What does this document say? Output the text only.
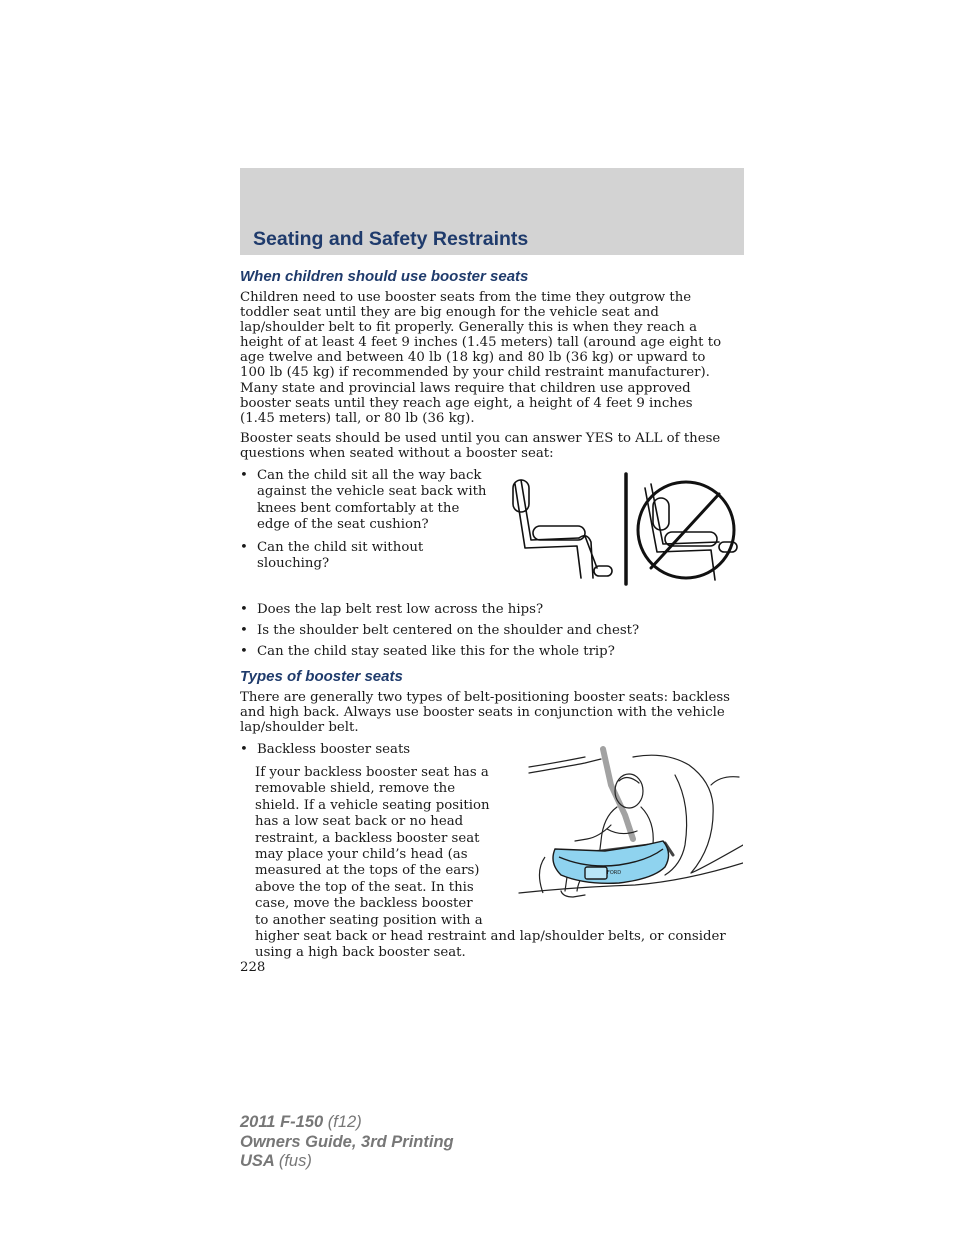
Seating and Safety Restraints
When children should use booster seats
Children need to use booster seats from the time they outgrow the
toddler seat until they are big enough for the vehicle seat and
lap/shoulder belt to fit properly. Generally this is when they reach a
height of at least 4 feet 9 inches (1.45 meters) tall (around age eight to
age twelve and between 40 lb (18 kg) and 80 lb (36 kg) or upward to
100 lb (45 kg) if recommended by your child restraint manufacturer).
Many state and provincial laws require that children use approved
booster seats until they reach age eight, a height of 4 feet 9 inches
(1.45 meters) tall, or 80 lb (36 kg).
Booster seats should be used until you can answer YES to ALL of these
questions when seated without a booster seat:
• Can the child sit all the way back
against the vehicle seat back with
knees bent comfortably at the
edge of the seat cushion?
• Can the child sit without
slouching?
• Does the lap belt rest low across the hips?
• Is the shoulder belt centered on the shoulder and chest?
• Can the child stay seated like this for the whole trip?
Types of booster seats
There are generally two types of belt-positioning booster seats: backless
and high back. Always use booster seats in conjunction with the vehicle
lap/shoulder belt.
• Backless booster seats
If your backless booster seat has a
removable shield, remove the
shield. If a vehicle seating position
has a low seat back or no head
restraint, a backless booster seat
may place your child’s head (as
measured at the tops of the ears)
above the top of the seat. In this
case, move the backless booster
to another seating position with a
higher seat back or head restraint and lap/shoulder belts, or consider
using a high back booster seat.
FORD
228
2011 F-150 (f12)
Owners Guide, 3rd Printing
USA (fus)
